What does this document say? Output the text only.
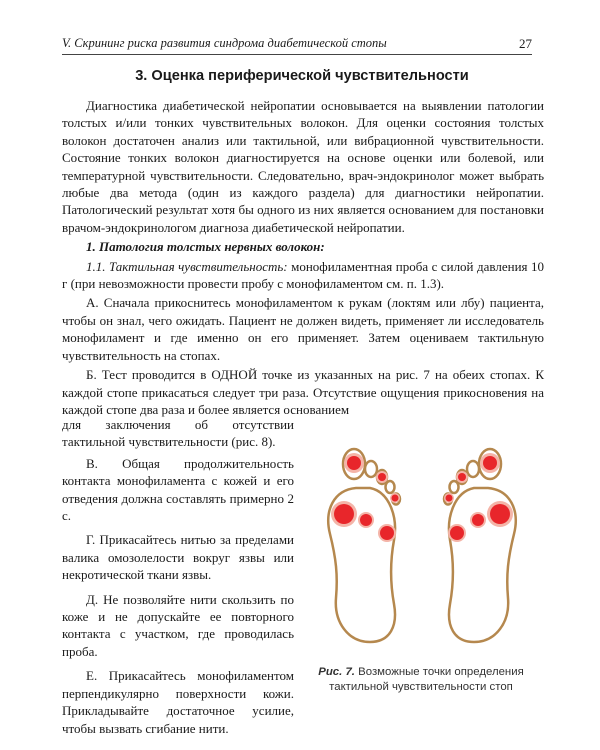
V. Скрининг риска развития синдрома диабетической стопы	27
3. Оценка периферической чувствительности

Диагностика диабетической нейропатии основывается на выявлении патологии толстых и/или тонких чувствительных волокон. Для оценки состояния толстых волокон достаточен анализ или тактильной, или вибрационной чувствительности. Состояние тонких волокон диагностируется на основе оценки или болевой, или температурной чувствительности. Следовательно, врач-эндокринолог может выбрать любые два метода (один из каждого раздела) для диагностики нейропатии. Патологический результат хотя бы одного из них является основанием для постановки врачом-эндокринологом диагноза диабетической нейропатии.

1. Патология толстых нервных волокон:

1.1. Тактильная чувствительность: монофиламентная проба с силой давления 10 г (при невозможности провести пробу с монофиламентом см. п. 1.3).

А. Сначала прикоснитесь монофиламентом к рукам (локтям или лбу) пациента, чтобы он знал, чего ожидать. Пациент не должен видеть, применяет ли исследователь монофиламент и где именно он его применяет. Затем оцениваем тактильную чувствительность на стопах.

Б. Тест проводится в ОДНОЙ точке из указанных на рис. 7 на обеих стопах. К каждой стопе прикасаться следует три раза. Отсутствие ощущения прикосновения на каждой стопе два раза и более является основанием

для заключения об отсутствии тактильной чувствительности (рис. 8).

В. Общая продолжительность контакта монофиламента с кожей и его отведения должна составлять примерно 2 с.

Г. Прикасайтесь нитью за пределами валика омозолелости вокруг язвы или некротической ткани язвы.

Д. Не позволяйте нити скользить по коже и не допускайте ее повторного контакта с участком, где проводилась проба.

Е. Прикасайтесь монофиламентом перпендикулярно поверхности кожи. Прикладывайте достаточное усилие, чтобы вызвать сгибание нити.

Рис. 7. Возможные точки определения тактильной чувствительности стоп
